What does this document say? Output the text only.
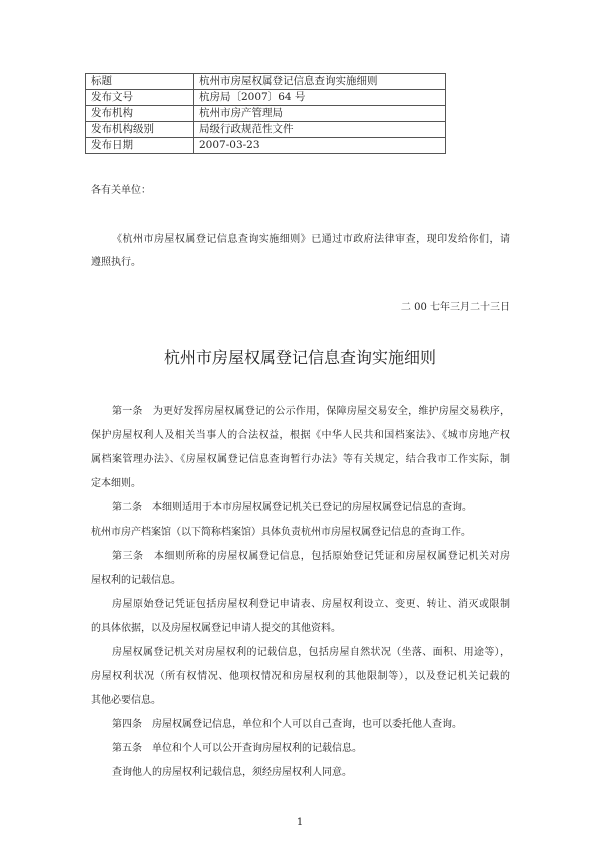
标题	杭州市房屋权属登记信息查询实施细则
发布文号	杭房局〔2007〕64 号
发布机构	杭州市房产管理局
发布机构级别	局级行政规范性文件
发布日期	2007-03-23
各有关单位：
《杭州市房屋权属登记信息查询实施细则》已通过市政府法律审查，现印发给你们，请
遵照执行。
二 00 七年三月二十三日
杭州市房屋权属登记信息查询实施细则
第一条　为更好发挥房屋权属登记的公示作用，保障房屋交易安全，维护房屋交易秩序，
保护房屋权利人及相关当事人的合法权益，根据《中华人民共和国档案法》、《城市房地产权
属档案管理办法》、《房屋权属登记信息查询暂行办法》等有关规定，结合我市工作实际，制
定本细则。
第二条　本细则适用于本市房屋权属登记机关已登记的房屋权属登记信息的查询。
杭州市房产档案馆（以下简称档案馆）具体负责杭州市房屋权属登记信息的查询工作。
第三条　本细则所称的房屋权属登记信息，包括原始登记凭证和房屋权属登记机关对房
屋权利的记载信息。
房屋原始登记凭证包括房屋权利登记申请表、房屋权利设立、变更、转让、消灭或限制
的具体依据，以及房屋权属登记申请人提交的其他资料。
房屋权属登记机关对房屋权利的记载信息，包括房屋自然状况（坐落、面积、用途等），
房屋权利状况（所有权情况、他项权情况和房屋权利的其他限制等），以及登记机关记载的
其他必要信息。
第四条　房屋权属登记信息，单位和个人可以自己查询，也可以委托他人查询。
第五条　单位和个人可以公开查询房屋权利的记载信息。
查询他人的房屋权利记载信息，须经房屋权利人同意。
1
